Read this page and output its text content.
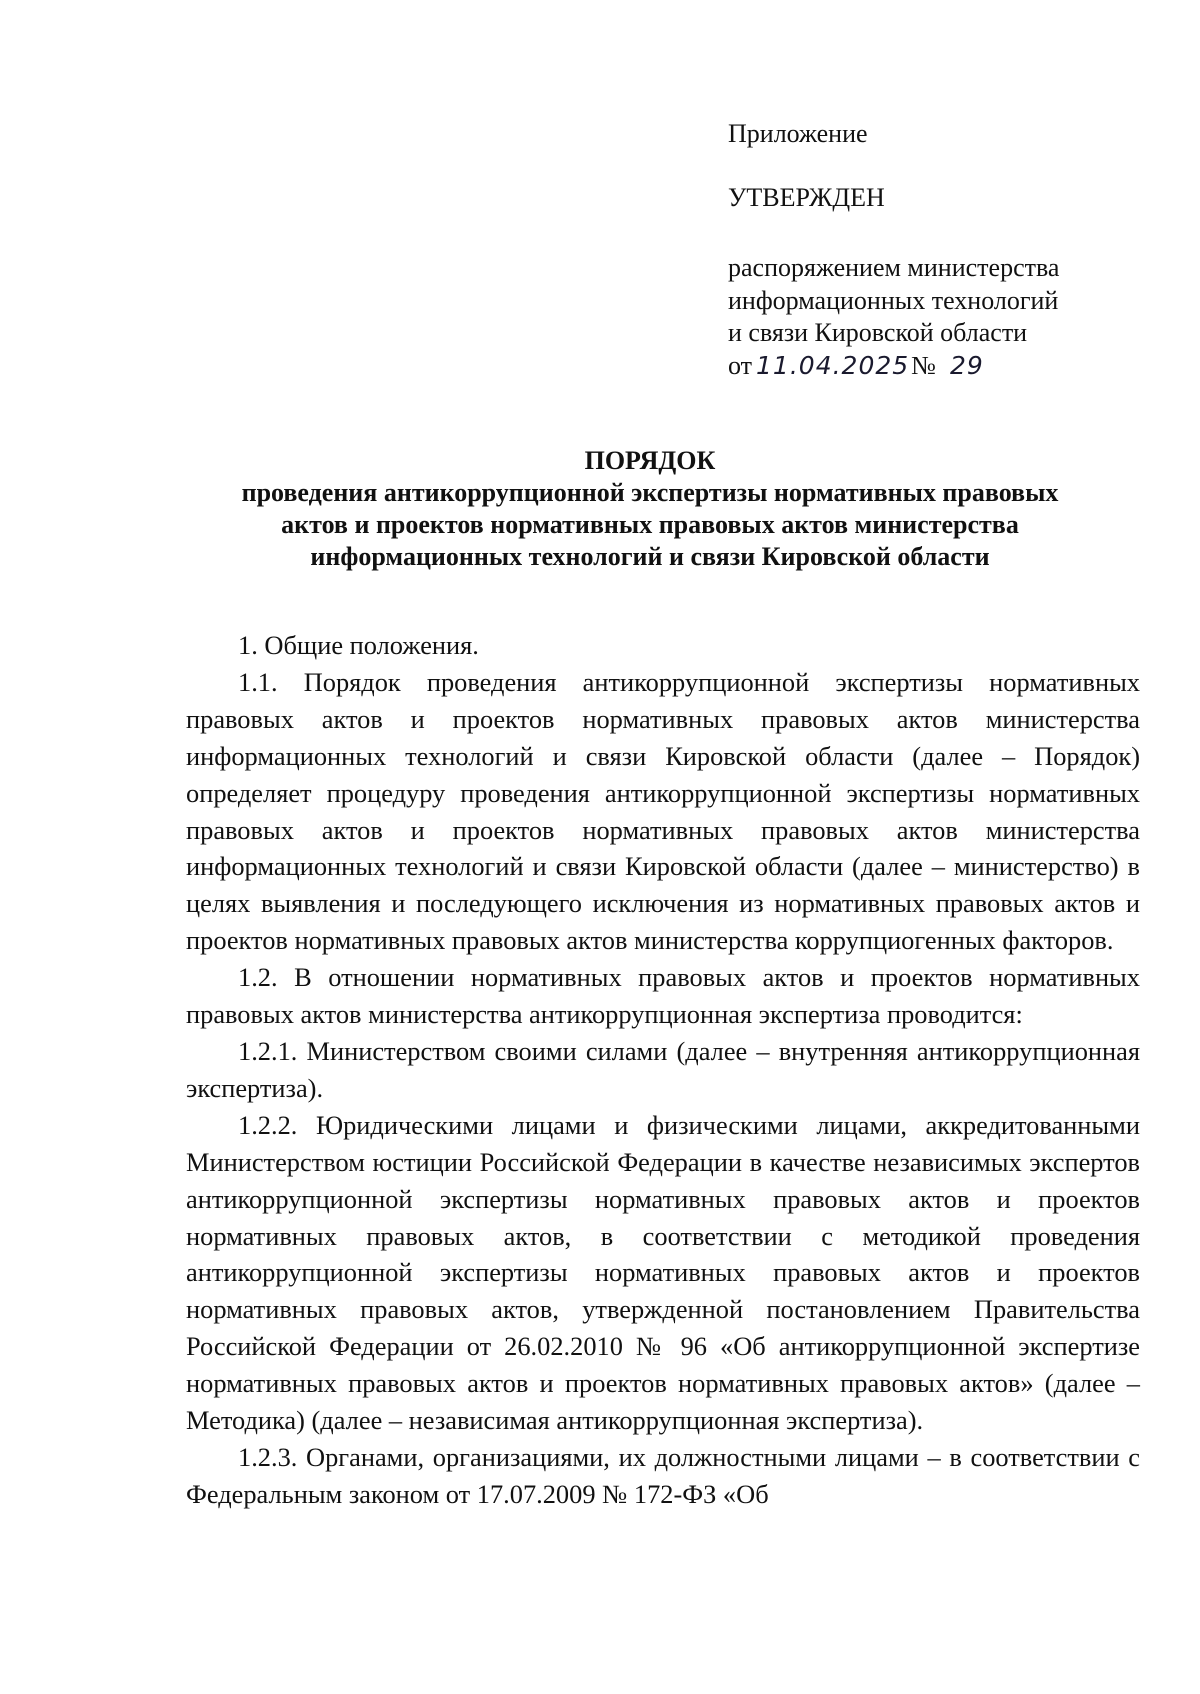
Приложение
УТВЕРЖДЕН
распоряжением министерства
информационных технологий
и связи Кировской области
от 11.04.2025 № 29
ПОРЯДОК
проведения антикоррупционной экспертизы нормативных правовых
актов и проектов нормативных правовых актов министерства
информационных технологий и связи Кировской области

1. Общие положения.

1.1. Порядок проведения антикоррупционной экспертизы нормативных правовых актов и проектов нормативных правовых актов министерства информационных технологий и связи Кировской области (далее – Порядок) определяет процедуру проведения антикоррупционной экспертизы нормативных правовых актов и проектов нормативных правовых актов министерства информационных технологий и связи Кировской области (далее – министерство) в целях выявления и последующего исключения из нормативных правовых актов и проектов нормативных правовых актов министерства коррупциогенных факторов.

1.2. В отношении нормативных правовых актов и проектов нормативных правовых актов министерства антикоррупционная экспертиза проводится:

1.2.1. Министерством своими силами (далее – внутренняя антикоррупционная экспертиза).

1.2.2. Юридическими лицами и физическими лицами, аккредитованными Министерством юстиции Российской Федерации в качестве независимых экспертов антикоррупционной экспертизы нормативных правовых актов и проектов нормативных правовых актов, в соответствии с методикой проведения антикоррупционной экспертизы нормативных правовых актов и проектов нормативных правовых актов, утвержденной постановлением Правительства Российской Федерации от 26.02.2010 № 96 «Об антикоррупционной экспертизе нормативных правовых актов и проектов нормативных правовых актов» (далее – Методика) (далее – независимая антикоррупционная экспертиза).

1.2.3. Органами, организациями, их должностными лицами – в соответствии с Федеральным законом от 17.07.2009 № 172-ФЗ «Об
